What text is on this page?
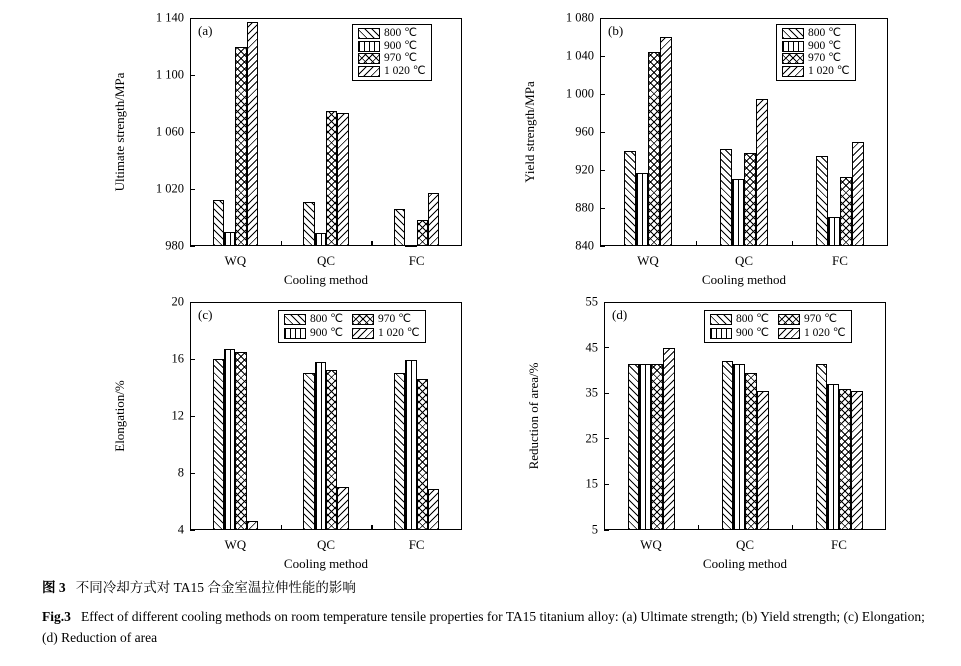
980
1 020
1 060
1 100
1 140
Ultimate strength/MPa
WQ	QC	FC
Cooling method
(a)	800 ℃
900 ℃
970 ℃
1 020 ℃
840
880
920
960
1 000
1 040
1 080
Yield strength/MPa
WQ	QC	FC
Cooling method
(b)	800 ℃
900 ℃
970 ℃
1 020 ℃
4
8
12
16
20
Elongation/%
WQ	QC	FC
Cooling method
(c)	800 ℃	970 ℃
900 ℃	1 020 ℃
5
15
25
35
45
55
Reduction of area/%
WQ	QC	FC
Cooling method
(d)	800 ℃	970 ℃
900 ℃	1 020 ℃
图 3 不同冷却方式对 TA15 合金室温拉伸性能的影响
Fig.3 Effect of different cooling methods on room temperature tensile properties for TA15 titanium alloy: (a) Ultimate strength; (b) Yield strength; (c) Elongation; (d) Reduction of area
